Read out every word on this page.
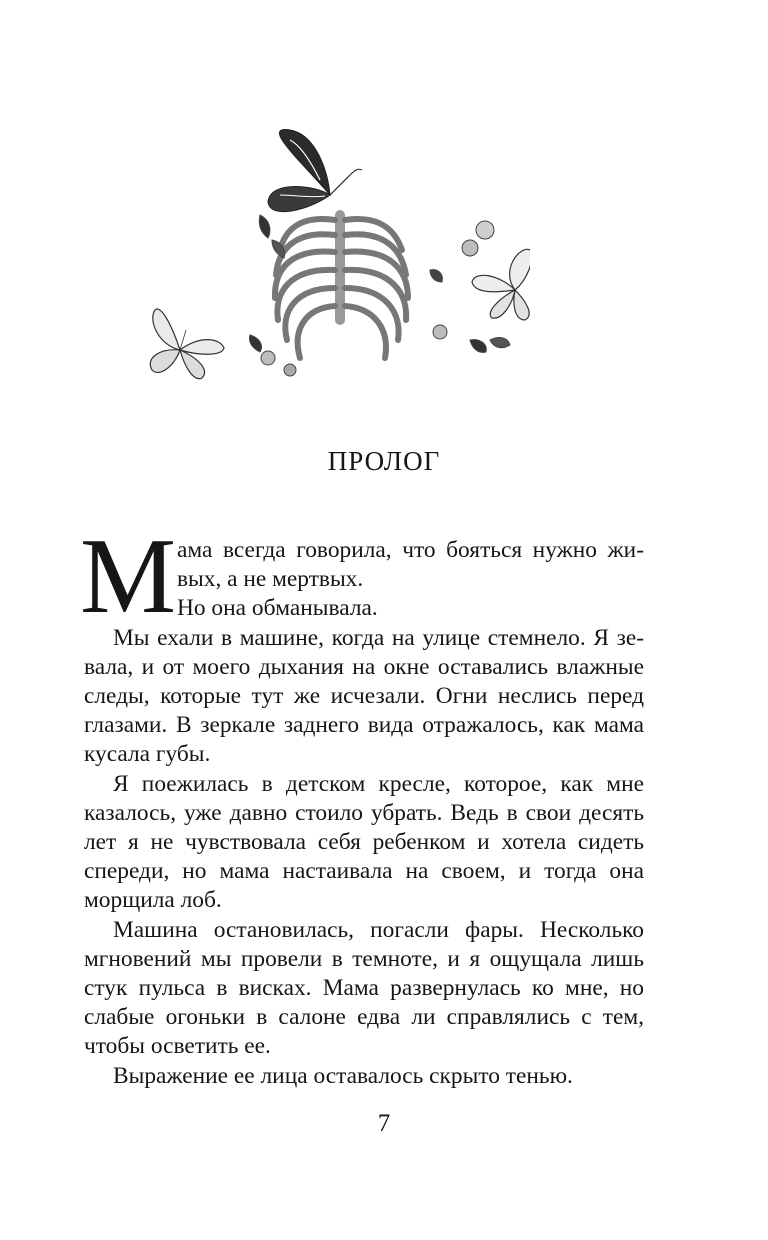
ПРОЛОГ
М ама всегда говорила, что бояться нужно жи-
вых, а не мертвых.
Но она обманывала.
Мы ехали в машине, когда на улице стемнело. Я зе-
вала, и от моего дыхания на окне оставались влажные
следы, которые тут же исчезали. Огни неслись перед
глазами. В зеркале заднего вида отражалось, как мама
кусала губы.
Я поежилась в детском кресле, которое, как мне
казалось, уже давно стоило убрать. Ведь в свои десять
лет я не чувствовала себя ребенком и хотела сидеть
спереди, но мама настаивала на своем, и тогда она
морщила лоб.
Машина остановилась, погасли фары. Несколько
мгновений мы провели в темноте, и я ощущала лишь
стук пульса в висках. Мама развернулась ко мне, но
слабые огоньки в салоне едва ли справлялись с тем,
чтобы осветить ее.
Выражение ее лица оставалось скрыто тенью.
7
